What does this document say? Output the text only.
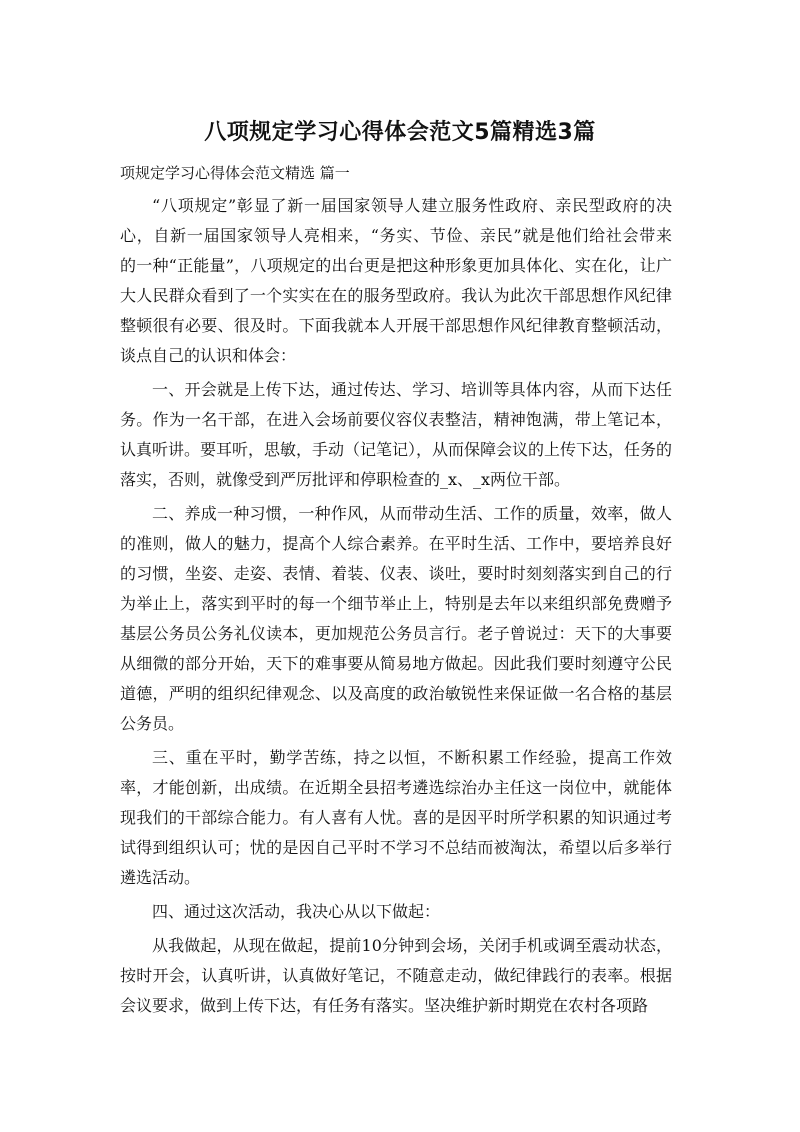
八项规定学习心得体会范文5篇精选3篇

项规定学习心得体会范文精选 篇一

“八项规定”彰显了新一届国家领导人建立服务性政府、亲民型政府的决
心，自新一届国家领导人亮相来，“务实、节俭、亲民”就是他们给社会带来
的一种“正能量”，八项规定的出台更是把这种形象更加具体化、实在化，让广
大人民群众看到了一个实实在在的服务型政府。我认为此次干部思想作风纪律
整顿很有必要、很及时。下面我就本人开展干部思想作风纪律教育整顿活动，
谈点自己的认识和体会：

一、开会就是上传下达，通过传达、学习、培训等具体内容，从而下达任
务。作为一名干部，在进入会场前要仪容仪表整洁，精神饱满，带上笔记本，
认真听讲。要耳听，思敏，手动（记笔记），从而保障会议的上传下达，任务的
落实，否则，就像受到严厉批评和停职检查的_x、_x两位干部。

二、养成一种习惯，一种作风，从而带动生活、工作的质量，效率，做人
的准则，做人的魅力，提高个人综合素养。在平时生活、工作中，要培养良好
的习惯，坐姿、走姿、表情、着装、仪表、谈吐，要时时刻刻落实到自己的行
为举止上，落实到平时的每一个细节举止上，特别是去年以来组织部免费赠予
基层公务员公务礼仪读本，更加规范公务员言行。老子曾说过：天下的大事要
从细微的部分开始，天下的难事要从简易地方做起。因此我们要时刻遵守公民
道德，严明的组织纪律观念、以及高度的政治敏锐性来保证做一名合格的基层
公务员。

三、重在平时，勤学苦练，持之以恒，不断积累工作经验，提高工作效
率，才能创新，出成绩。在近期全县招考遴选综治办主任这一岗位中，就能体
现我们的干部综合能力。有人喜有人忧。喜的是因平时所学积累的知识通过考
试得到组织认可；忧的是因自己平时不学习不总结而被淘汰，希望以后多举行
遴选活动。

四、通过这次活动，我决心从以下做起：

从我做起，从现在做起，提前10分钟到会场，关闭手机或调至震动状态，
按时开会，认真听讲，认真做好笔记，不随意走动，做纪律践行的表率。根据
会议要求，做到上传下达，有任务有落实。坚决维护新时期党在农村各项路
